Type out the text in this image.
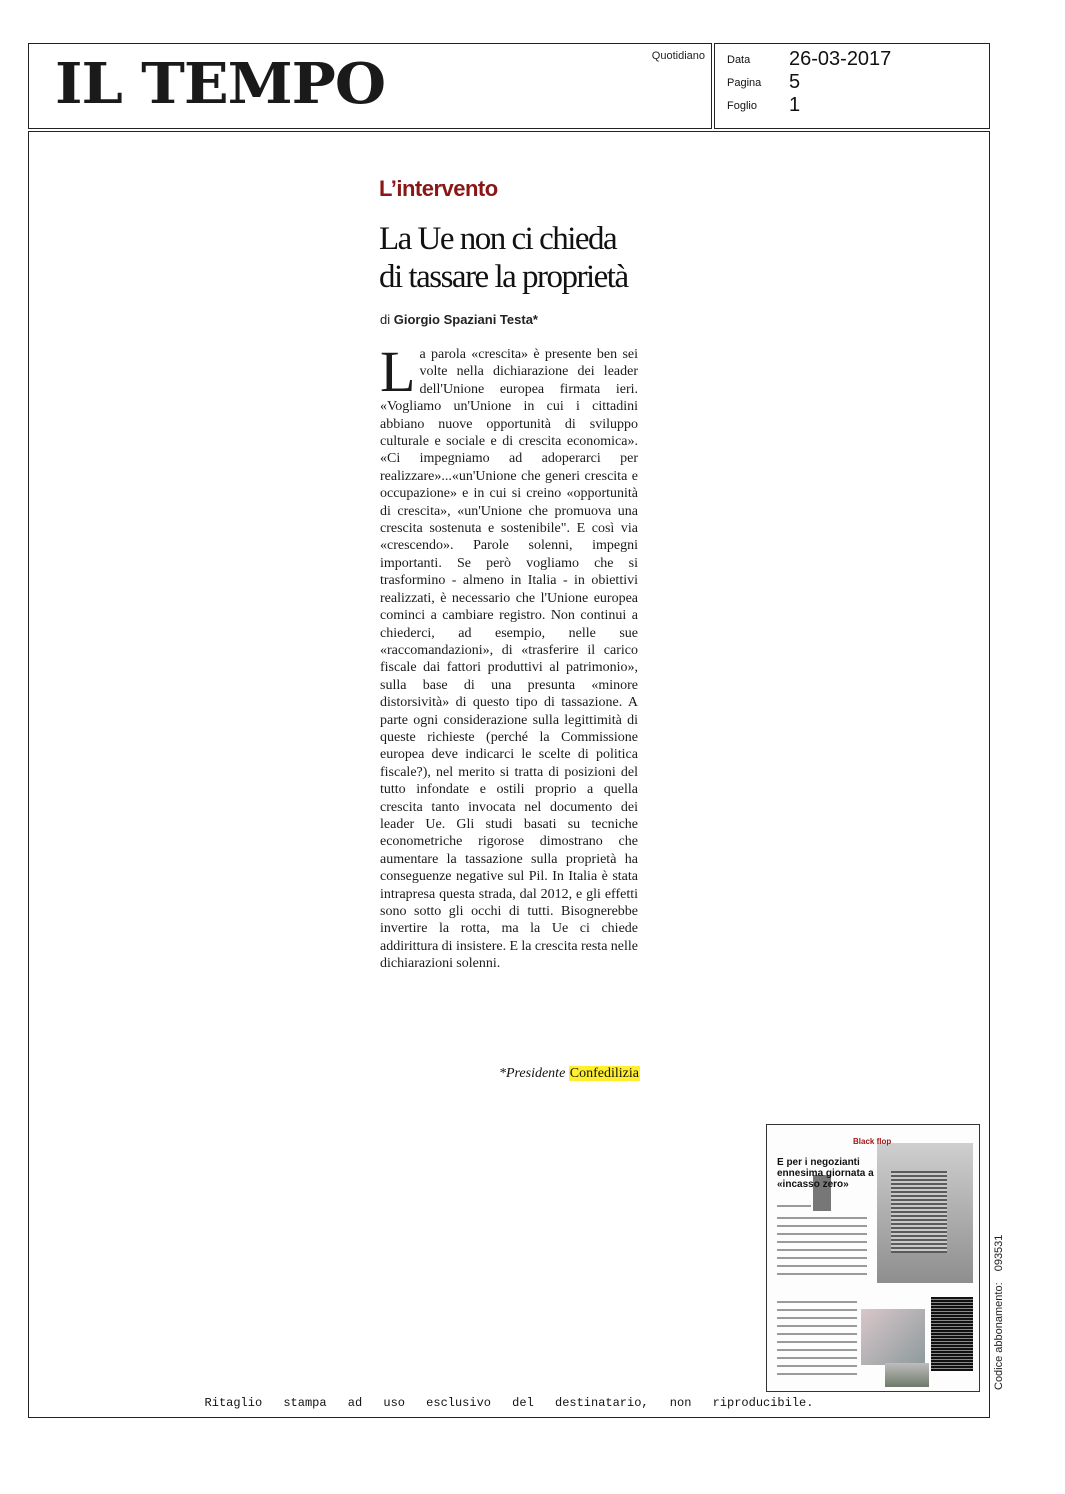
IL TEMPO	Quotidiano Data	26-03-2017
Pagina	5
Foglio	1
Ritaglio stampa ad uso esclusivo del destinatario, non riproducibile.
L’intervento
La Ue non ci chieda
di tassare la proprietà
di Giorgio Spaziani Testa*
La parola «crescita» è presente ben sei volte nella dichiarazione dei leader dell'Unione europea firmata ieri. «Vogliamo un'Unione in cui i cittadini abbiano nuove opportunità di sviluppo culturale e sociale e di crescita economica». «Ci impegniamo ad adoperarci per realizzare»...«un'Unione che generi crescita e occupazione» e in cui si creino «opportunità di crescita», «un'Unione che promuova una crescita sostenuta e sostenibile". E così via «crescendo». Parole solenni, impegni importanti. Se però vogliamo che si trasformino - almeno in Italia - in obiettivi realizzati, è necessario che l'Unione europea cominci a cambiare registro. Non continui a chiederci, ad esempio, nelle sue «raccomandazioni», di «trasferire il carico fiscale dai fattori produttivi al patrimonio», sulla base di una presunta «minore distorsività» di questo tipo di tassazione. A parte ogni considerazione sulla legittimità di queste richieste (perché la Commissione europea deve indicarci le scelte di politica fiscale?), nel merito si tratta di posizioni del tutto infondate e ostili proprio a quella crescita tanto invocata nel documento dei leader Ue. Gli studi basati su tecniche econometriche rigorose dimostrano che aumentare la tassazione sulla proprietà ha conseguenze negative sul Pil. In Italia è stata intrapresa questa strada, dal 2012, e gli effetti sono sotto gli occhi di tutti. Bisognerebbe invertire la rotta, ma la Ue ci chiede addirittura di insistere. E la crescita resta nelle dichiarazioni solenni.
*Presidente Confedilizia
Black flop
E per i negozianti ennesima giornata a «incasso zero»
Codice abbonamento: 093531
